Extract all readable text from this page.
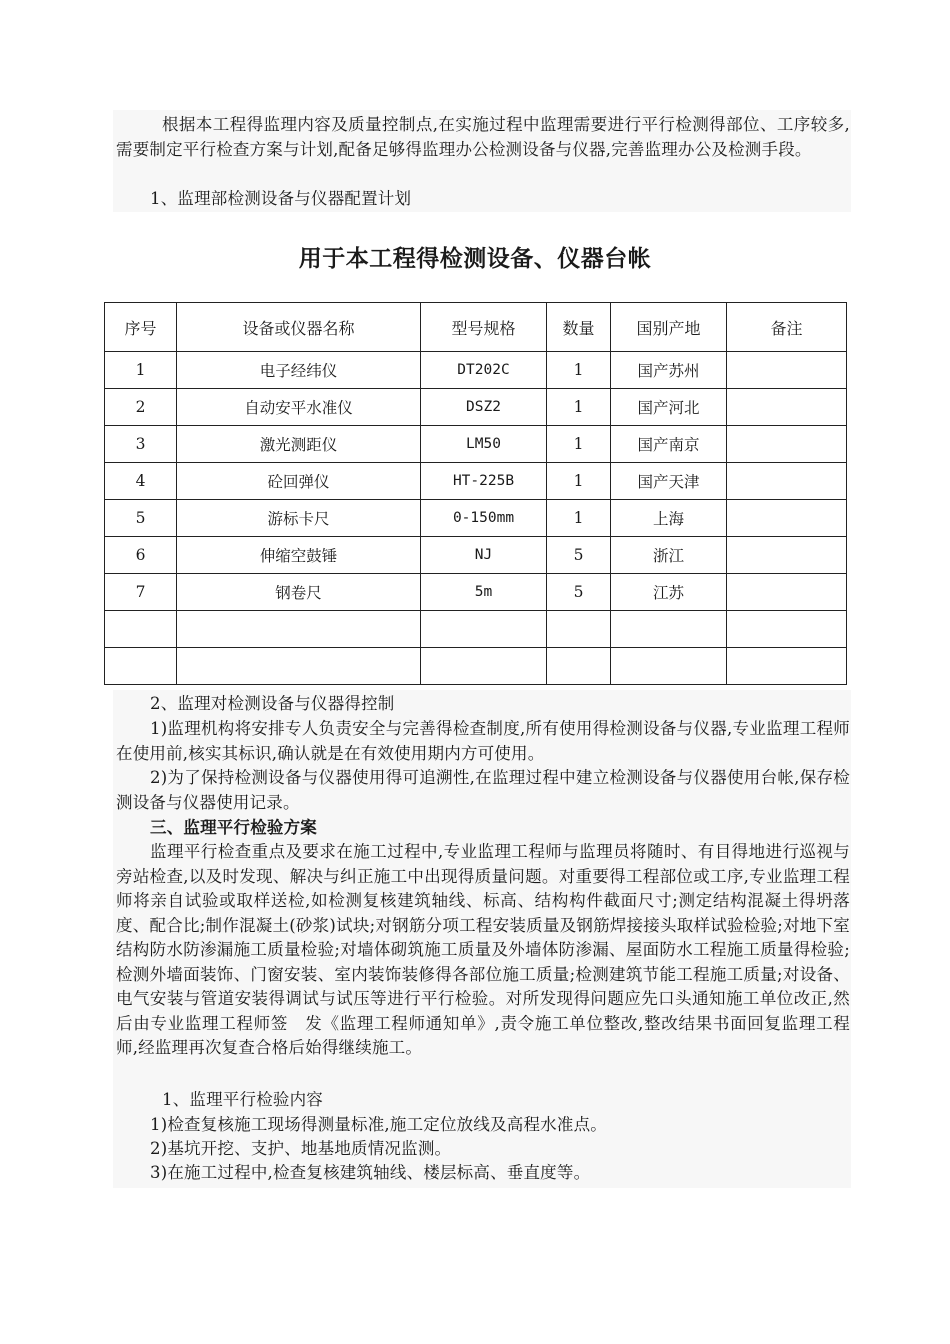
根据本工程得监理内容及质量控制点,在实施过程中监理需要进行平行检测得部位、工序较多,需要制定平行检查方案与计划,配备足够得监理办公检测设备与仪器,完善监理办公及检测手段。

1、监理部检测设备与仪器配置计划

用于本工程得检测设备、仪器台帐
序号	设备或仪器名称	型号规格	数量	国别产地	备注
1	电子经纬仪	DT202C	1	国产苏州	
2	自动安平水准仪	DSZ2	1	国产河北	
3	激光测距仪	LM50	1	国产南京	
4	砼回弹仪	HT-225B	1	国产天津	
5	游标卡尺	0-150mm	1	上海	
6	伸缩空鼓锤	NJ	5	浙江	
7	钢卷尺	5m	5	江苏	

2、监理对检测设备与仪器得控制

1)监理机构将安排专人负责安全与完善得检查制度,所有使用得检测设备与仪器,专业监理工程师在使用前,核实其标识,确认就是在有效使用期内方可使用。

2)为了保持检测设备与仪器使用得可追溯性,在监理过程中建立检测设备与仪器使用台帐,保存检测设备与仪器使用记录。

三、监理平行检验方案

监理平行检查重点及要求在施工过程中,专业监理工程师与监理员将随时、有目得地进行巡视与旁站检查,以及时发现、解决与纠正施工中出现得质量问题。对重要得工程部位或工序,专业监理工程师将亲自试验或取样送检,如检测复核建筑轴线、标高、结构构件截面尺寸;测定结构混凝土得坍落度、配合比;制作混凝土(砂浆)试块;对钢筋分项工程安装质量及钢筋焊接接头取样试验检验;对地下室结构防水防渗漏施工质量检验;对墙体砌筑施工质量及外墙体防渗漏、屋面防水工程施工质量得检验;检测外墙面装饰、门窗安装、室内装饰装修得各部位施工质量;检测建筑节能工程施工质量;对设备、电气安装与管道安装得调试与试压等进行平行检验。对所发现得问题应先口头通知施工单位改正,然后由专业监理工程师签　发《监理工程师通知单》,责令施工单位整改,整改结果书面回复监理工程师,经监理再次复查合格后始得继续施工。

1、监理平行检验内容

1)检查复核施工现场得测量标准,施工定位放线及高程水准点。

2)基坑开挖、支护、地基地质情况监测。

3)在施工过程中,检查复核建筑轴线、楼层标高、垂直度等。
